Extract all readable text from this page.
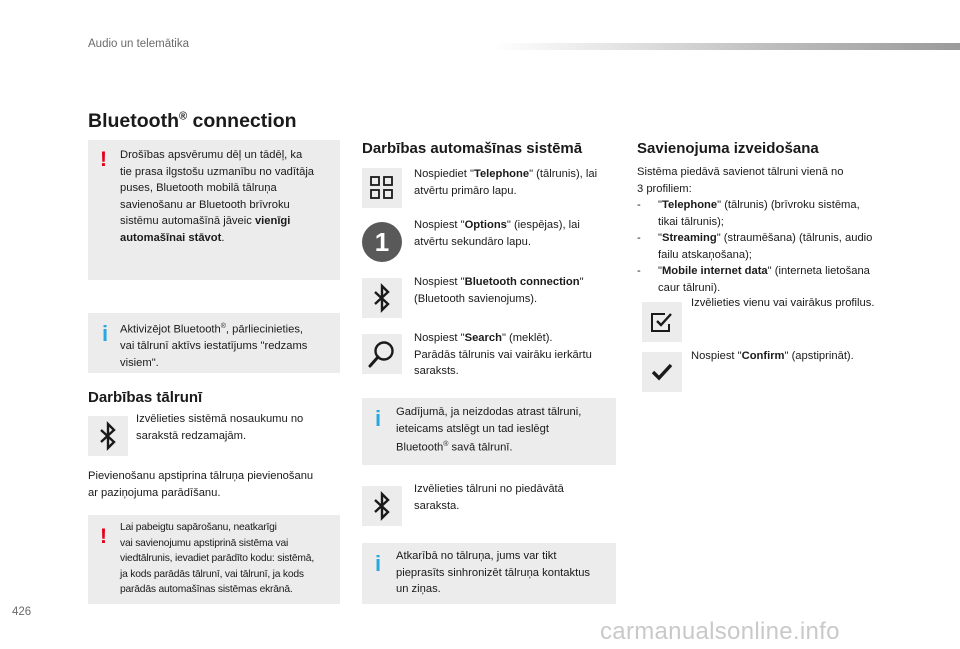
Audio un telemātika
Bluetooth® connection
! Drošības apsvērumu dēļ un tādēļ, ka
tie prasa ilgstošu uzmanību no vadītāja
puses, Bluetooth mobilā tālruņa
savienošanu ar Bluetooth brīvroku
sistēmu automašīnā jāveic vienīgi
automašīnai stāvot.
i Aktivizējot Bluetooth®, pārliecinieties,
vai tālrunī aktīvs iestatījums "redzams
visiem".
Darbības tālrunī
Izvēlieties sistēmā nosaukumu no
sarakstā redzamajām.
Pievienošanu apstiprina tālruņa pievienošanu
ar paziņojuma parādīšanu.
! Lai pabeigtu sapārošanu, neatkarīgi
vai savienojumu apstiprinā sistēma vai
viedtālrunis, ievadiet parādīto kodu: sistēmā,
ja kods parādās tālrunī, vai tālrunī, ja kods
parādās automašīnas sistēmas ekrānā.
Darbības automašīnas sistēmā
Nospiediet "Telephone" (tālrunis), lai
atvērtu primāro lapu.
1
Nospiest "Options" (iespējas), lai
atvērtu sekundāro lapu.
Nospiest "Bluetooth connection"
(Bluetooth savienojums).
Nospiest "Search" (meklēt).
Parādās tālrunis vai vairāku ierkārtu
saraksts.
i Gadījumā, ja neizdodas atrast tālruni,
ieteicams atslēgt un tad ieslēgt
Bluetooth® savā tālrunī.
Izvēlieties tālruni no piedāvātā
saraksta.
i Atkarībā no tālruņa, jums var tikt
pieprasīts sinhronizēt tālruņa kontaktus
un ziņas.
Savienojuma izveidošana
Sistēma piedāvā savienot tālruni vienā no
3 profiliem:
- "Telephone" (tālrunis) (brīvroku sistēma,
tikai tālrunis);
- "Streaming" (straumēšana) (tālrunis, audio
failu atskaņošana);
- "Mobile internet data" (interneta lietošana
caur tālruni).
Izvēlieties vienu vai vairākus profilus.
Nospiest "Confirm" (apstiprināt).
426
carmanualsonline.info
